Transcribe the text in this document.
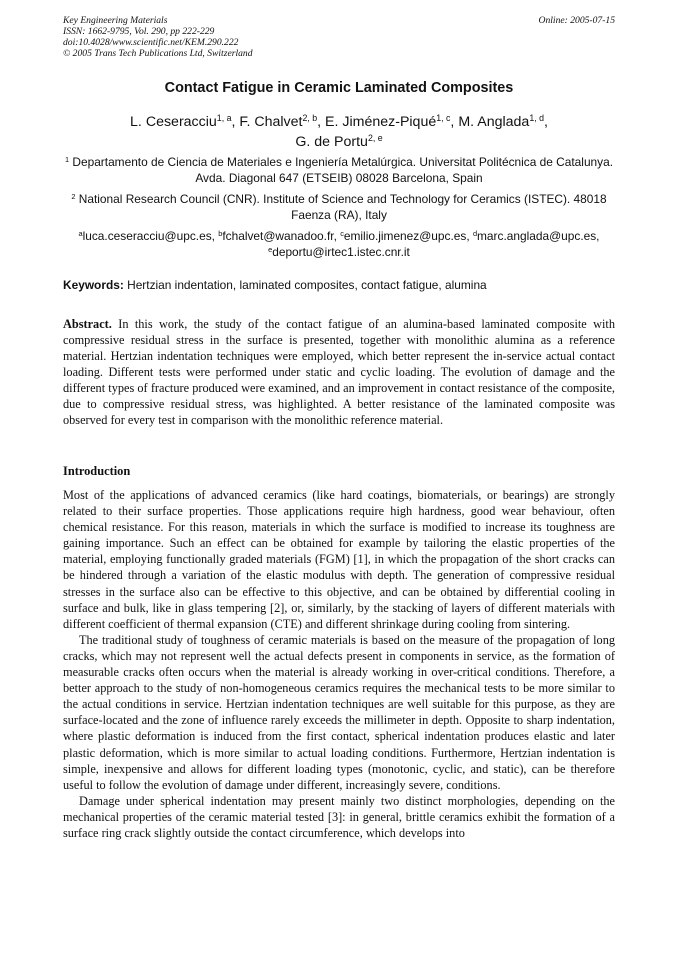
Key Engineering Materials
ISSN: 1662-9795, Vol. 290, pp 222-229
doi:10.4028/www.scientific.net/KEM.290.222
© 2005 Trans Tech Publications Ltd, Switzerland
Online: 2005-07-15
Contact Fatigue in Ceramic Laminated Composites
L. Ceseracciu$^{1, a}$, F. Chalvet$^{2, b}$, E. Jiménez-Piqué$^{1, c}$, M. Anglada$^{1, d}$,
G. de Portu$^{2, e}$
$^1$ Departamento de Ciencia de Materiales e Ingeniería Metalúrgica. Universitat Politécnica de Catalunya. Avda. Diagonal 647 (ETSEIB) 08028 Barcelona, Spain
$^2$ National Research Council (CNR). Institute of Science and Technology for Ceramics (ISTEC). 48018 Faenza (RA), Italy
$^a$luca.ceseracciu@upc.es, $^b$fchalvet@wanadoo.fr, $^c$emilio.jimenez@upc.es, $^d$marc.anglada@upc.es,
$^e$deportu@irtec1.istec.cnr.it
Keywords: Hertzian indentation, laminated composites, contact fatigue, alumina
Abstract. In this work, the study of the contact fatigue of an alumina-based laminated composite with compressive residual stress in the surface is presented, together with monolithic alumina as a reference material. Hertzian indentation techniques were employed, which better represent the in-service actual contact loading. Different tests were performed under static and cyclic loading. The evolution of damage and the different types of fracture produced were examined, and an improvement in contact resistance of the composite, due to compressive residual stress, was highlighted. A better resistance of the laminated composite was observed for every test in comparison with the monolithic reference material.
Introduction

Most of the applications of advanced ceramics (like hard coatings, biomaterials, or bearings) are strongly related to their surface properties. Those applications require high hardness, good wear behaviour, often chemical resistance. For this reason, materials in which the surface is modified to increase its toughness are gaining importance. Such an effect can be obtained for example by tailoring the elastic properties of the material, employing functionally graded materials (FGM) [1], in which the propagation of the short cracks can be hindered through a variation of the elastic modulus with depth. The generation of compressive residual stresses in the surface also can be effective to this objective, and can be obtained by differential cooling in surface and bulk, like in glass tempering [2], or, similarly, by the stacking of layers of different materials with different coefficient of thermal expansion (CTE) and different shrinkage during cooling from sintering.

The traditional study of toughness of ceramic materials is based on the measure of the propagation of long cracks, which may not represent well the actual defects present in components in service, as the formation of measurable cracks often occurs when the material is already working in over-critical conditions. Therefore, a better approach to the study of non-homogeneous ceramics requires the mechanical tests to be more similar to the actual conditions in service. Hertzian indentation techniques are well suitable for this purpose, as they are surface-located and the zone of influence rarely exceeds the millimeter in depth. Opposite to sharp indentation, where plastic deformation is induced from the first contact, spherical indentation produces elastic and later plastic deformation, which is more similar to actual loading conditions. Furthermore, Hertzian indentation is simple, inexpensive and allows for different loading types (monotonic, cyclic, and static), can be therefore useful to follow the evolution of damage under different, increasingly severe, conditions.

Damage under spherical indentation may present mainly two distinct morphologies, depending on the mechanical properties of the ceramic material tested [3]: in general, brittle ceramics exhibit the formation of a surface ring crack slightly outside the contact circumference, which develops into
